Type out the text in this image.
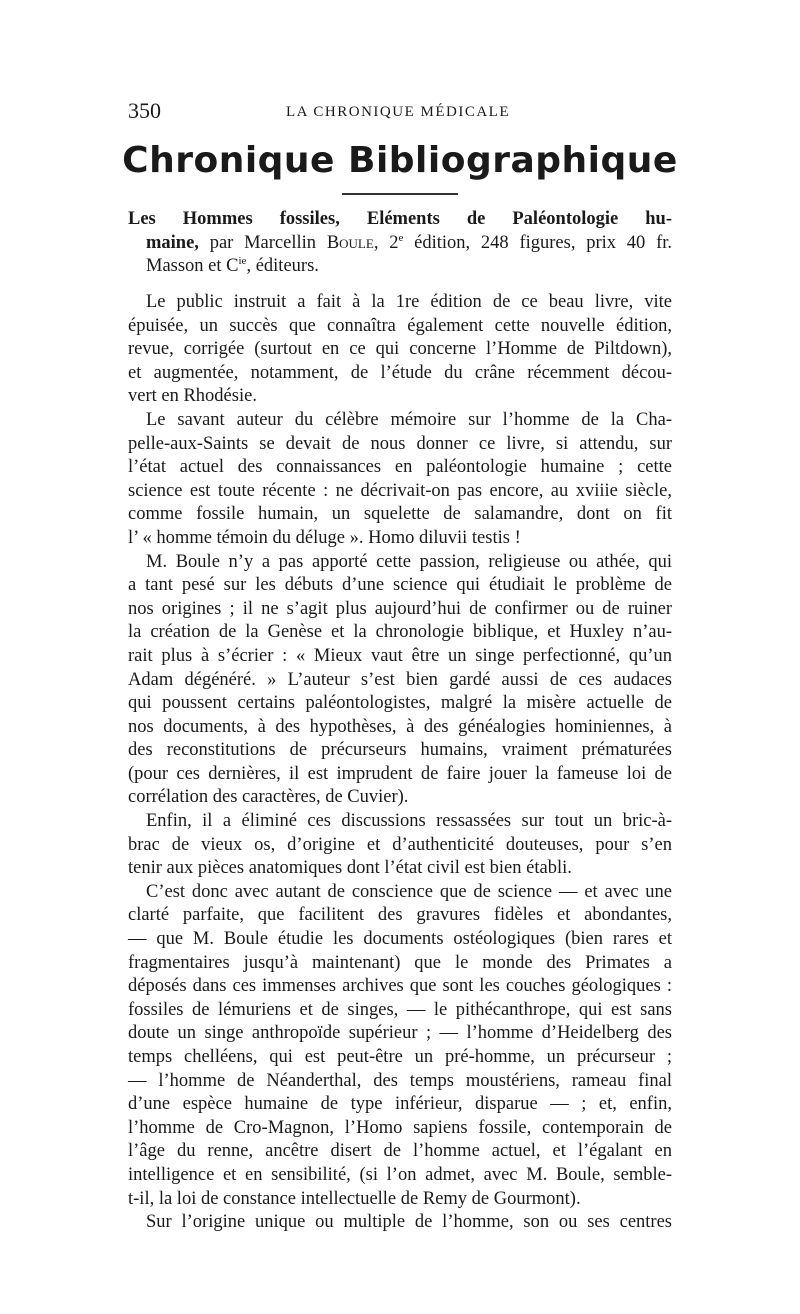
350	LA CHRONIQUE MÉDICALE
Chronique Bibliographique
Les Hommes fossiles, Eléments de Paléontologie hu-
maine, par Marcellin Boule, 2e édition, 248 figures, prix 40 fr.
Masson et $C^{ie}$, éditeurs.
Le public instruit a fait à la 1re édition de ce beau livre, vite
épuisée, un succès que connaîtra également cette nouvelle édition,
revue, corrigée (surtout en ce qui concerne l’Homme de Piltdown),
et augmentée, notamment, de l’étude du crâne récemment décou-
vert en Rhodésie.
Le savant auteur du célèbre mémoire sur l’homme de la Cha-
pelle-aux-Saints se devait de nous donner ce livre, si attendu, sur
l’état actuel des connaissances en paléontologie humaine ; cette
science est toute récente : ne décrivait-on pas encore, au xviiie siècle,
comme fossile humain, un squelette de salamandre, dont on fit
l’ « homme témoin du déluge ». Homo diluvii testis !
M. Boule n’y a pas apporté cette passion, religieuse ou athée, qui
a tant pesé sur les débuts d’une science qui étudiait le problème de
nos origines ; il ne s’agit plus aujourd’hui de confirmer ou de ruiner
la création de la Genèse et la chronologie biblique, et Huxley n’au-
rait plus à s’écrier : « Mieux vaut être un singe perfectionné, qu’un
Adam dégénéré. » L’auteur s’est bien gardé aussi de ces audaces
qui poussent certains paléontologistes, malgré la misère actuelle de
nos documents, à des hypothèses, à des généalogies hominiennes, à
des reconstitutions de précurseurs humains, vraiment prématurées
(pour ces dernières, il est imprudent de faire jouer la fameuse loi de
corrélation des caractères, de Cuvier).
Enfin, il a éliminé ces discussions ressassées sur tout un bric-à-
brac de vieux os, d’origine et d’authenticité douteuses, pour s’en
tenir aux pièces anatomiques dont l’état civil est bien établi.
C’est donc avec autant de conscience que de science — et avec une
clarté parfaite, que facilitent des gravures fidèles et abondantes,
— que M. Boule étudie les documents ostéologiques (bien rares et
fragmentaires jusqu’à maintenant) que le monde des Primates a
déposés dans ces immenses archives que sont les couches géologiques :
fossiles de lémuriens et de singes, — le pithécanthrope, qui est sans
doute un singe anthropoïde supérieur ; — l’homme d’Heidelberg des
temps chelléens, qui est peut-être un pré-homme, un précurseur ;
— l’homme de Néanderthal, des temps moustériens, rameau final
d’une espèce humaine de type inférieur, disparue — ; et, enfin,
l’homme de Cro-Magnon, l’Homo sapiens fossile, contemporain de
l’âge du renne, ancêtre disert de l’homme actuel, et l’égalant en
intelligence et en sensibilité, (si l’on admet, avec M. Boule, semble-
t-il, la loi de constance intellectuelle de Remy de Gourmont).
Sur l’origine unique ou multiple de l’homme, son ou ses centres
